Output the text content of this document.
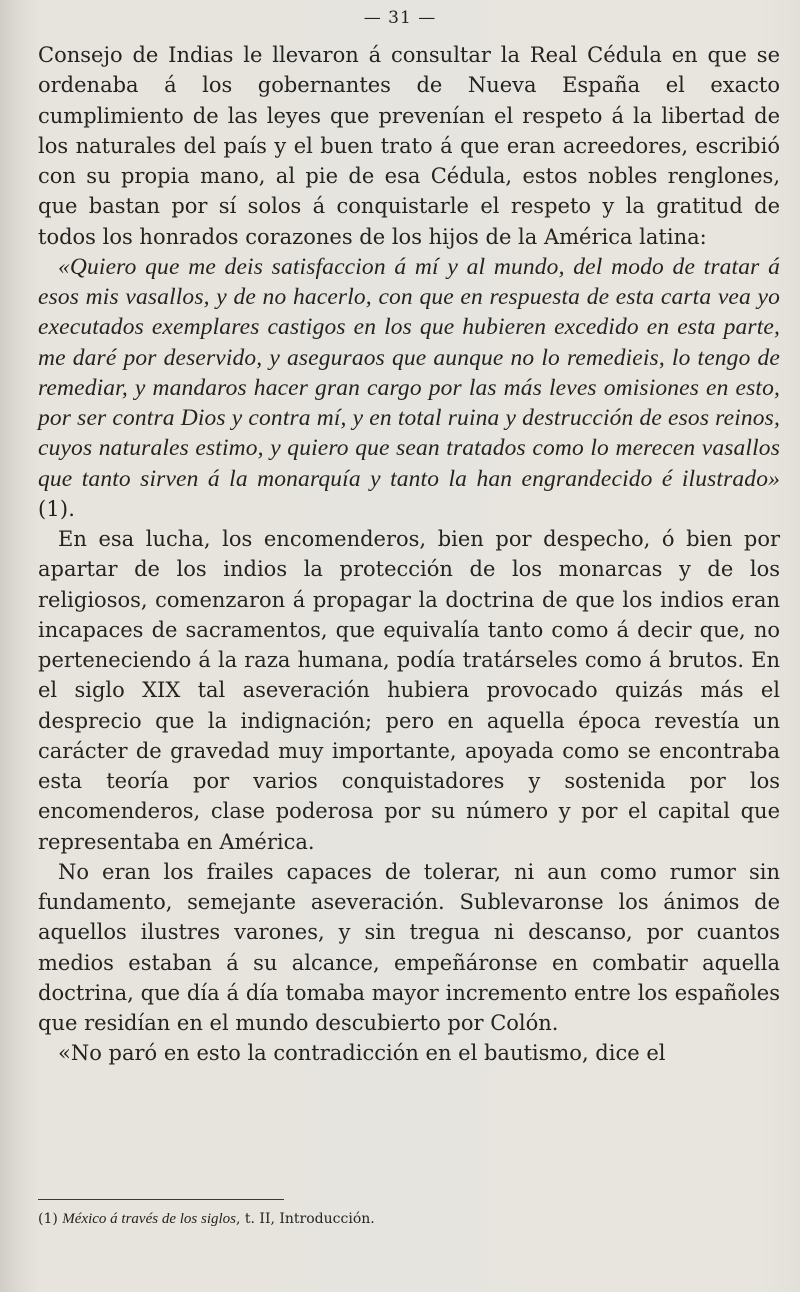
— 31 —

Consejo de Indias le llevaron á consultar la Real Cédula en que se ordenaba á los gobernantes de Nueva España el exacto cumplimiento de las leyes que prevenían el respeto á la libertad de los naturales del país y el buen trato á que eran acreedores, escribió con su propia mano, al pie de esa Cédula, estos nobles renglones, que bastan por sí solos á conquistarle el respeto y la gratitud de todos los honrados corazones de los hijos de la América latina:

«Quiero que me deis satisfaccion á mí y al mundo, del modo de tratar á esos mis vasallos, y de no hacerlo, con que en respuesta de esta carta vea yo executados exemplares castigos en los que hubieren excedido en esta parte, me daré por deservido, y aseguraos que aunque no lo remedieis, lo tengo de remediar, y mandaros hacer gran cargo por las más leves omisiones en esto, por ser contra Dios y contra mí, y en total ruina y destrucción de esos reinos, cuyos naturales estimo, y quiero que sean tratados como lo merecen vasallos que tanto sirven á la monarquía y tanto la han engrandecido é ilustrado» (1).

En esa lucha, los encomenderos, bien por despecho, ó bien por apartar de los indios la protección de los monarcas y de los religiosos, comenzaron á propagar la doctrina de que los indios eran incapaces de sacramentos, que equivalía tanto como á decir que, no perteneciendo á la raza humana, podía tratárseles como á brutos. En el siglo XIX tal aseveración hubiera provocado quizás más el desprecio que la indignación; pero en aquella época revestía un carácter de gravedad muy importante, apoyada como se encontraba esta teoría por varios conquistadores y sostenida por los encomenderos, clase poderosa por su número y por el capital que representaba en América.

No eran los frailes capaces de tolerar, ni aun como rumor sin fundamento, semejante aseveración. Sublevaronse los ánimos de aquellos ilustres varones, y sin tregua ni descanso, por cuantos medios estaban á su alcance, empeñáronse en combatir aquella doctrina, que día á día tomaba mayor incremento entre los españoles que residían en el mundo descubierto por Colón.

«No paró en esto la contradicción en el bautismo, dice el

(1) México á través de los siglos, t. II, Introducción.
